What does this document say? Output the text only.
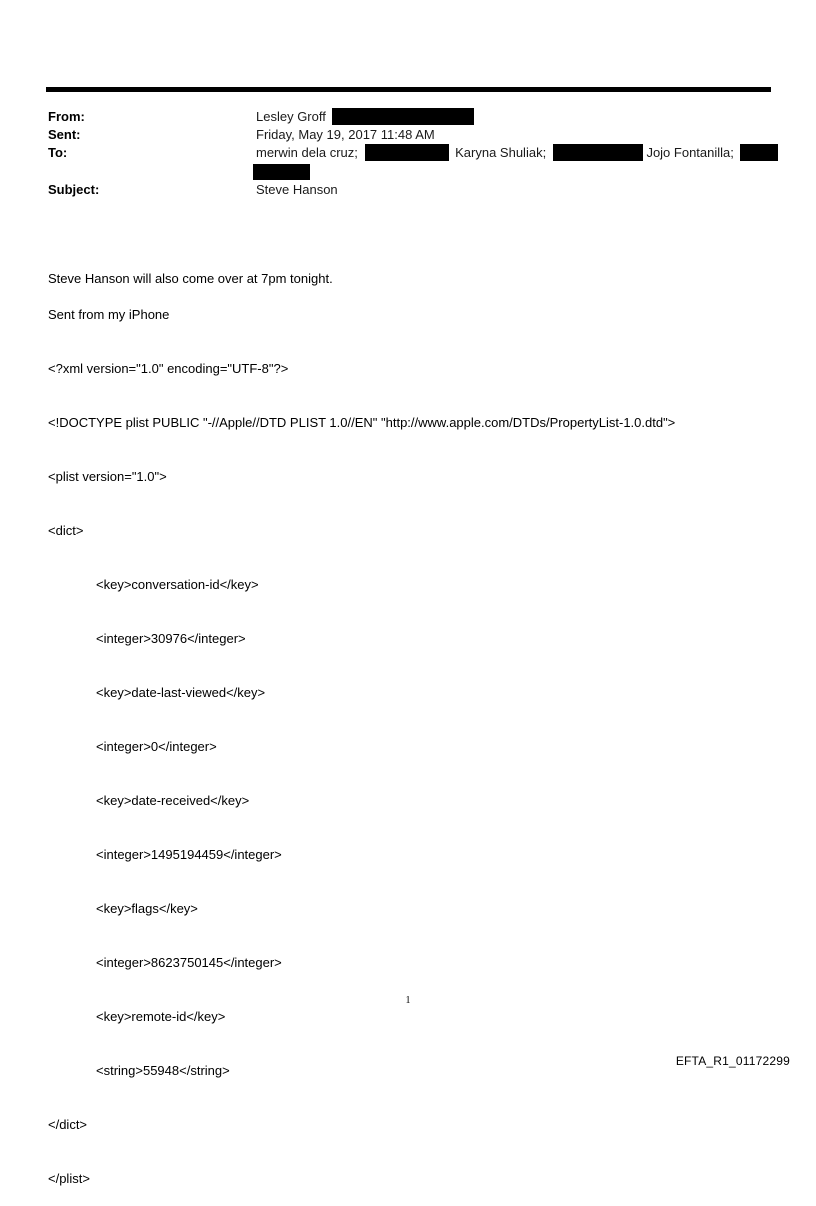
From:	Lesley Groff
Sent:	Friday, May 19, 2017 11:48 AM
To:	merwin dela cruz;	Karyna Shuliak;	Jojo Fontanilla;
Subject:	Steve Hanson

Steve Hanson will also come over at 7pm tonight.

Sent from my iPhone

<?xml version="1.0" encoding="UTF-8"?>

<!DOCTYPE plist PUBLIC "-//Apple//DTD PLIST 1.0//EN" "http://www.apple.com/DTDs/PropertyList-1.0.dtd">

<plist version="1.0">

<dict>

<key>conversation-id</key>

<integer>30976</integer>

<key>date-last-viewed</key>

<integer>0</integer>

<key>date-received</key>

<integer>1495194459</integer>

<key>flags</key>

<integer>8623750145</integer>

<key>remote-id</key>

<string>55948</string>

</dict>

</plist>

1
EFTA_R1_01172299
